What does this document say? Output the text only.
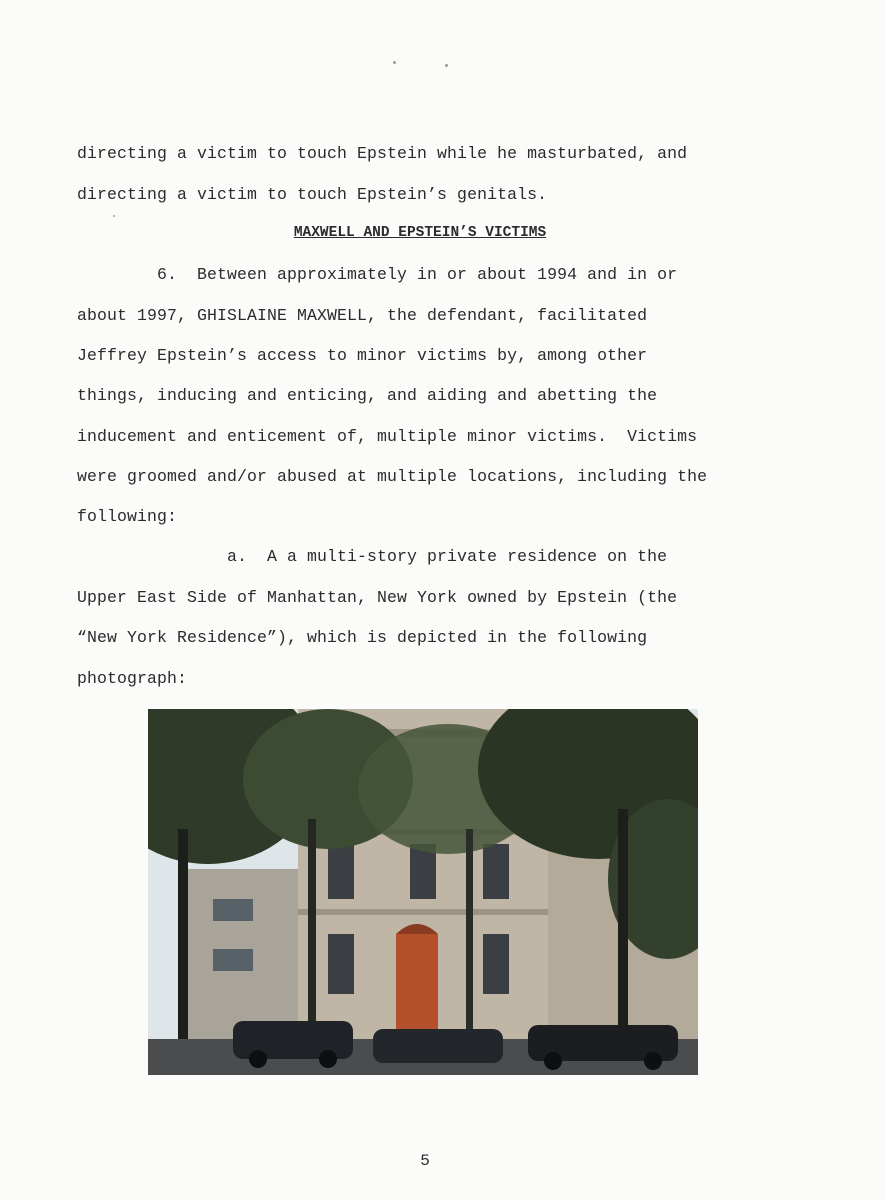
directing a victim to touch Epstein while he masturbated, and
directing a victim to touch Epstein’s genitals.
MAXWELL AND EPSTEIN’S VICTIMS
6.  Between approximately in or about 1994 and in or
about 1997, GHISLAINE MAXWELL, the defendant, facilitated
Jeffrey Epstein’s access to minor victims by, among other
things, inducing and enticing, and aiding and abetting the
inducement and enticement of, multiple minor victims.  Victims
were groomed and/or abused at multiple locations, including the
following:
a.  A a multi-story private residence on the
Upper East Side of Manhattan, New York owned by Epstein (the
“New York Residence”), which is depicted in the following
photograph:
5
